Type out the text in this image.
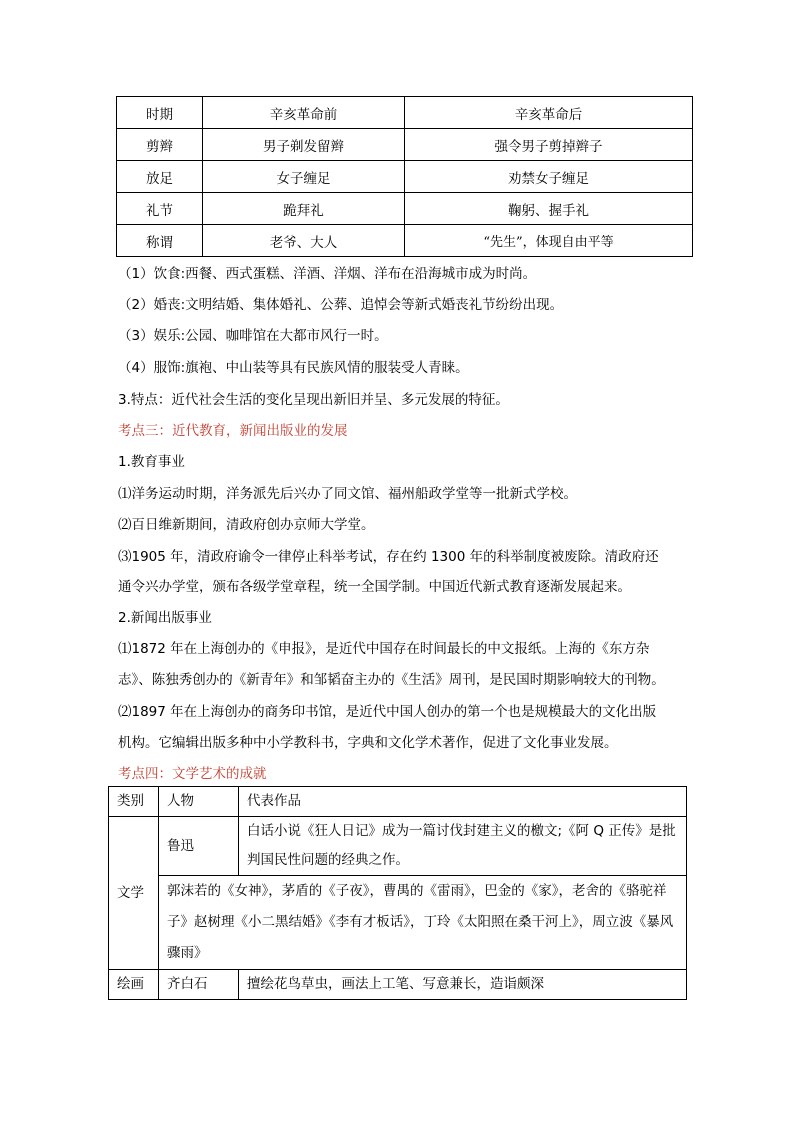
时期	辛亥革命前	辛亥革命后
剪辫	男子剃发留辫	强令男子剪掉辫子
放足	女子缠足	劝禁女子缠足
礼节	跪拜礼	鞠躬、握手礼
称谓	老爷、大人	“先生”，体现自由平等
（1）饮食:西餐、西式蛋糕、洋酒、洋烟、洋布在沿海城市成为时尚。
（2）婚丧:文明结婚、集体婚礼、公葬、追悼会等新式婚丧礼节纷纷出现。
（3）娱乐:公园、咖啡馆在大都市风行一时。
（4）服饰:旗袍、中山装等具有民族风情的服装受人青睐。
3.特点：近代社会生活的变化呈现出新旧并呈、多元发展的特征。
考点三：近代教育，新闻出版业的发展
1.教育事业
⑴洋务运动时期，洋务派先后兴办了同文馆、福州船政学堂等一批新式学校。
⑵百日维新期间，清政府创办京师大学堂。
⑶1905 年，清政府谕令一律停止科举考试，存在约 1300 年的科举制度被废除。清政府还
通令兴办学堂，颁布各级学堂章程，统一全国学制。中国近代新式教育逐渐发展起来。
2.新闻出版事业
⑴1872 年在上海创办的《申报》，是近代中国存在时间最长的中文报纸。上海的《东方杂
志》、陈独秀创办的《新青年》和邹韬奋主办的《生活》周刊，是民国时期影响较大的刊物。
⑵1897 年在上海创办的商务印书馆，是近代中国人创办的第一个也是规模最大的文化出版
机构。它编辑出版多种中小学教科书，字典和文化学术著作，促进了文化事业发展。
考点四：文学艺术的成就
类别	人物	代表作品
文学	鲁迅	白话小说《狂人日记》成为一篇讨伐封建主义的檄文;《阿 Q 正传》是批判国民性问题的经典之作。
	郭沫若的《女神》，茅盾的《子夜》，曹禺的《雷雨》，巴金的《家》，老舍的《骆驼祥子》赵树理《小二黑结婚》《李有才板话》，丁玲《太阳照在桑干河上》，周立波《暴风骤雨》	
绘画	齐白石	擅绘花鸟草虫，画法上工笔、写意兼长，造诣颇深
